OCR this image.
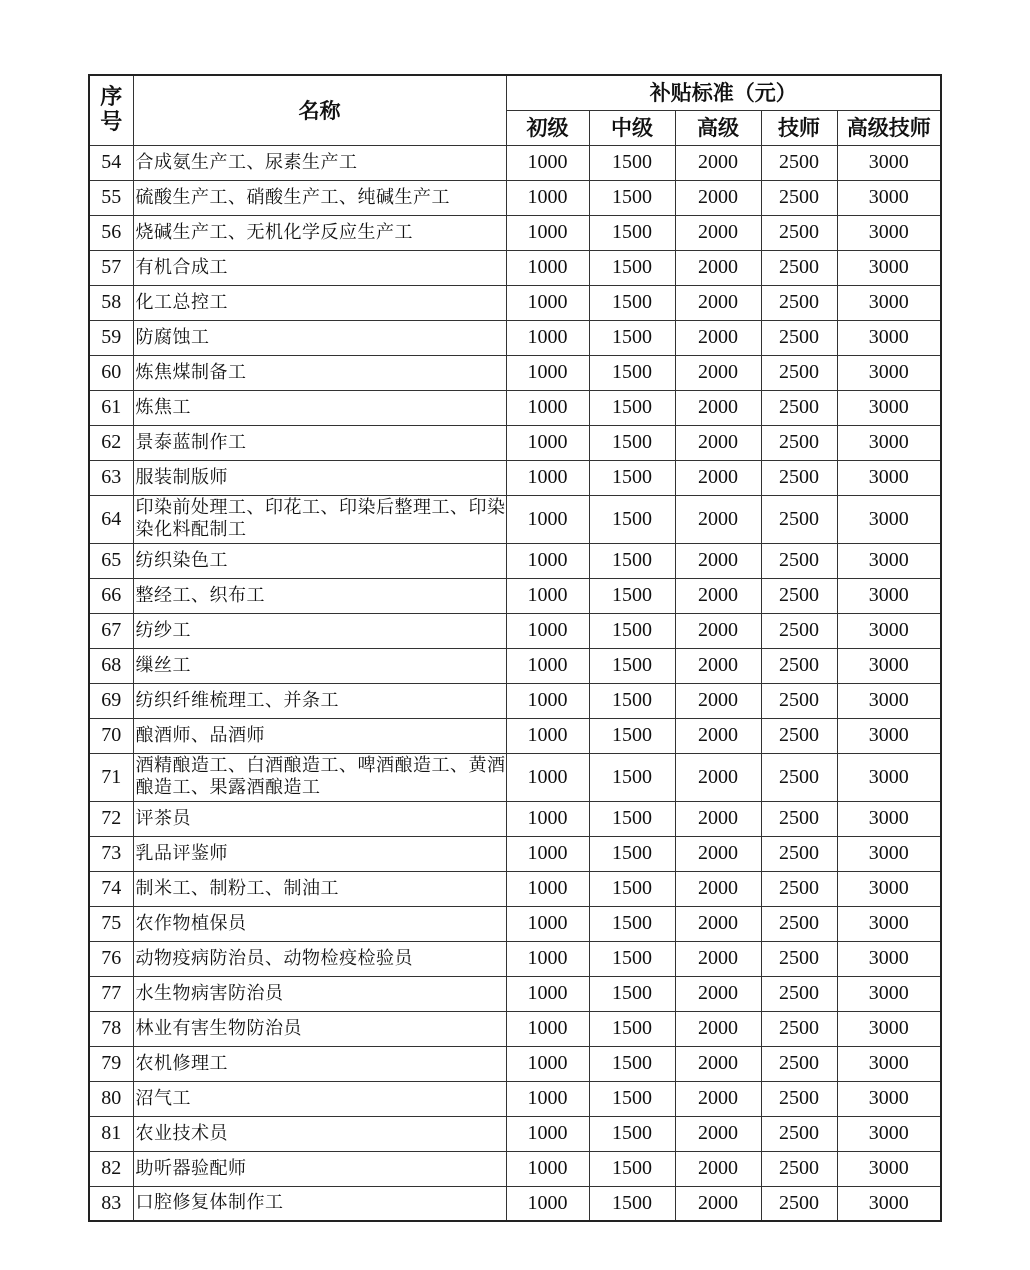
序号	名称	补贴标准（元）				
		初级	中级	高级	技师	高级技师
54	合成氨生产工、尿素生产工	1000	1500	2000	2500	3000
55	硫酸生产工、硝酸生产工、纯碱生产工	1000	1500	2000	2500	3000
56	烧碱生产工、无机化学反应生产工	1000	1500	2000	2500	3000
57	有机合成工	1000	1500	2000	2500	3000
58	化工总控工	1000	1500	2000	2500	3000
59	防腐蚀工	1000	1500	2000	2500	3000
60	炼焦煤制备工	1000	1500	2000	2500	3000
61	炼焦工	1000	1500	2000	2500	3000
62	景泰蓝制作工	1000	1500	2000	2500	3000
63	服装制版师	1000	1500	2000	2500	3000
64	印染前处理工、印花工、印染后整理工、印染染化料配制工	1000	1500	2000	2500	3000
65	纺织染色工	1000	1500	2000	2500	3000
66	整经工、织布工	1000	1500	2000	2500	3000
67	纺纱工	1000	1500	2000	2500	3000
68	缫丝工	1000	1500	2000	2500	3000
69	纺织纤维梳理工、并条工	1000	1500	2000	2500	3000
70	酿酒师、品酒师	1000	1500	2000	2500	3000
71	酒精酿造工、白酒酿造工、啤酒酿造工、黄酒酿造工、果露酒酿造工	1000	1500	2000	2500	3000
72	评茶员	1000	1500	2000	2500	3000
73	乳品评鉴师	1000	1500	2000	2500	3000
74	制米工、制粉工、制油工	1000	1500	2000	2500	3000
75	农作物植保员	1000	1500	2000	2500	3000
76	动物疫病防治员、动物检疫检验员	1000	1500	2000	2500	3000
77	水生物病害防治员	1000	1500	2000	2500	3000
78	林业有害生物防治员	1000	1500	2000	2500	3000
79	农机修理工	1000	1500	2000	2500	3000
80	沼气工	1000	1500	2000	2500	3000
81	农业技术员	1000	1500	2000	2500	3000
82	助听器验配师	1000	1500	2000	2500	3000
83	口腔修复体制作工	1000	1500	2000	2500	3000
